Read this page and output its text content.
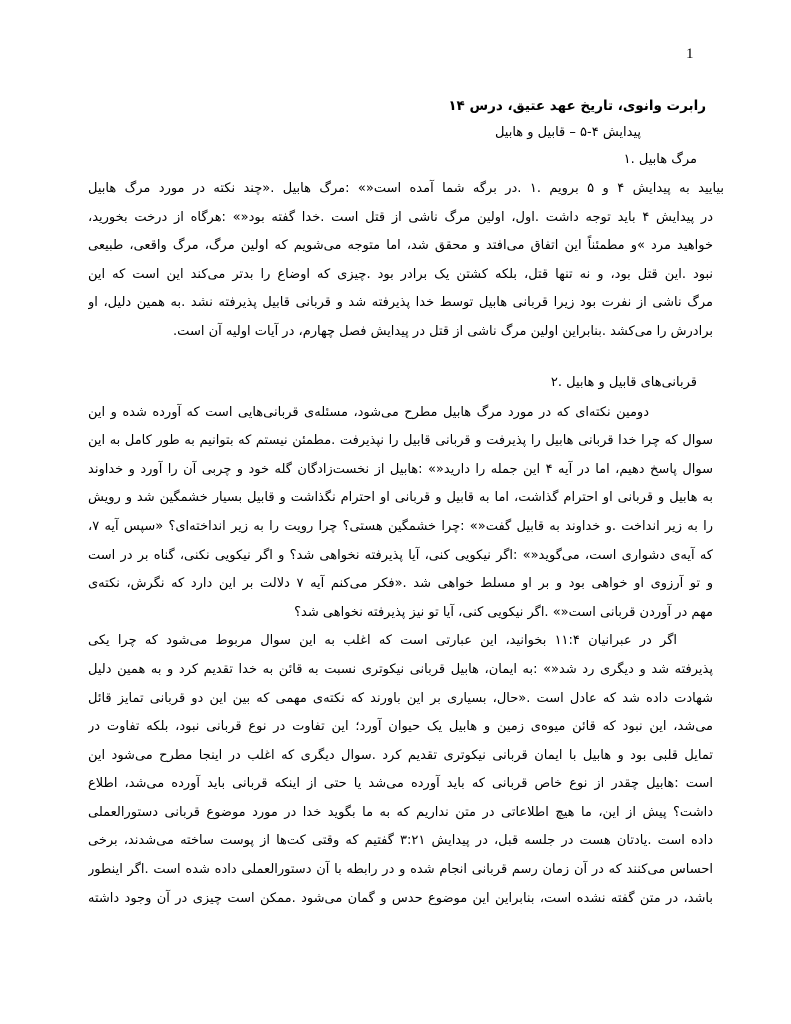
1
رابرت وانوی، تاریخ عهد عتیق، درس ۱۴
پیدایش ۴-۵ – قابیل و هابیل
مرگ هابیل .۱
بیایید به پیدایش ۴ و ۵ برویم .۱ .در برگه شما آمده است«» :مرگ هابیل .«چند نکته در مورد مرگ هابیل
در پیدایش ۴ باید توجه داشت .اول، اولین مرگ ناشی از قتل است .خدا گفته بود«» :هرگاه از درخت بخورید،
خواهید مرد »و مطمئناً این اتفاق می‌افتد و محقق شد، اما متوجه می‌شویم که اولین مرگ، مرگ واقعی، طبیعی
نبود .این قتل بود، و نه تنها قتل، بلکه کشتن یک برادر بود .چیزی که اوضاع را بدتر می‌کند این است که این
مرگ ناشی از نفرت بود زیرا قربانی هابیل توسط خدا پذیرفته شد و قربانی قابیل پذیرفته نشد .به همین دلیل، او
برادرش را می‌کشد .بنابراین اولین مرگ ناشی از قتل در پیدایش فصل چهارم، در آیات اولیه آن است.
قربانی‌های قابیل و هابیل .۲
دومین نکته‌ای که در مورد مرگ هابیل مطرح می‌شود، مسئله‌ی قربانی‌هایی است که آورده شده و این
سوال که چرا خدا قربانی هابیل را پذیرفت و قربانی قابیل را نپذیرفت .مطمئن نیستم که بتوانیم به طور کامل به این
سوال پاسخ دهیم، اما در آیه ۴ این جمله را دارید«» :هابیل از نخست‌زادگان گله خود و چربی آن را آورد و خداوند
به هابیل و قربانی او احترام گذاشت، اما به قابیل و قربانی او احترام نگذاشت و قابیل بسیار خشمگین شد و رویش
را به زیر انداخت .و خداوند به قابیل گفت«» :چرا خشمگین هستی؟ چرا رویت را به زیر انداخته‌ای؟ «سپس آیه ۷،
که آیه‌ی دشواری است، می‌گوید«» :اگر نیکویی کنی، آیا پذیرفته نخواهی شد؟ و اگر نیکویی نکنی، گناه بر در است
و تو آرزوی او خواهی بود و بر او مسلط خواهی شد .«فکر می‌کنم آیه ۷ دلالت بر این دارد که نگرش، نکته‌ی
مهم در آوردن قربانی است«» .اگر نیکویی کنی، آیا تو نیز پذیرفته نخواهی شد؟
اگر در عبرانیان ۱۱:۴ بخوانید، این عبارتی است که اغلب به این سوال مربوط می‌شود که چرا یکی
پذیرفته شد و دیگری رد شد«» :به ایمان، هابیل قربانی نیکوتری نسبت به قائن به خدا تقدیم کرد و به همین دلیل
شهادت داده شد که عادل است .«حال، بسیاری بر این باورند که نکته‌ی مهمی که بین این دو قربانی تمایز قائل
می‌شد، این نبود که قائن میوه‌ی زمین و هابیل یک حیوان آورد؛ این تفاوت در نوع قربانی نبود، بلکه تفاوت در
تمایل قلبی بود و هابیل با ایمان قربانی نیکوتری تقدیم کرد .سوال دیگری که اغلب در اینجا مطرح می‌شود این
است :هابیل چقدر از نوع خاص قربانی که باید آورده می‌شد یا حتی از اینکه قربانی باید آورده می‌شد، اطلاع
داشت؟ پیش از این، ما هیچ اطلاعاتی در متن نداریم که به ما بگوید خدا در مورد موضوع قربانی دستورالعملی
داده است .یادتان هست در جلسه قبل، در پیدایش ۳:۲۱ گفتیم که وقتی کت‌ها از پوست ساخته می‌شدند، برخی
احساس می‌کنند که در آن زمان رسم قربانی انجام شده و در رابطه با آن دستورالعملی داده شده است .اگر اینطور
باشد، در متن گفته نشده است، بنابراین این موضوع حدس و گمان می‌شود .ممکن است چیزی در آن وجود داشته
